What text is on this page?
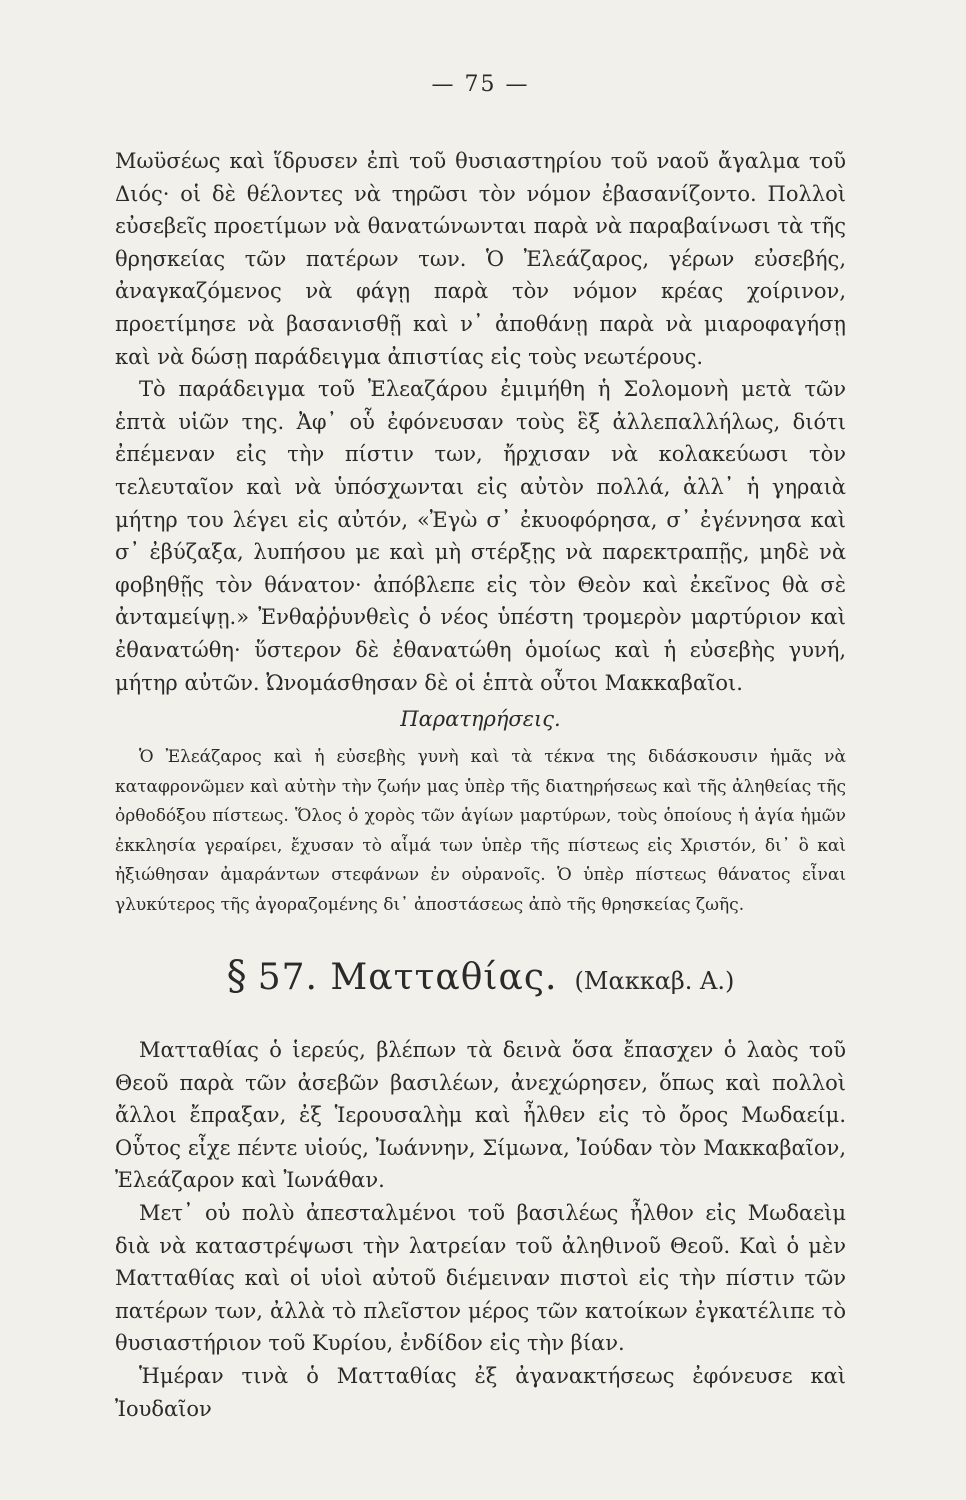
— 75 —

Μωϋσέως καὶ ἵδρυσεν ἐπὶ τοῦ θυσιαστηρίου τοῦ ναοῦ ἄγαλμα τοῦ Διός· οἱ δὲ θέλοντες νὰ τηρῶσι τὸν νόμον ἐβασανίζοντο. Πολλοὶ εὐσεβεῖς προετίμων νὰ θανατώνωνται παρὰ νὰ παραβαίνωσι τὰ τῆς θρησκείας τῶν πατέρων των. Ὁ Ἐλεάζαρος, γέρων εὐσεβής, ἀναγκαζόμενος νὰ φάγῃ παρὰ τὸν νόμον κρέας χοίρινον, προετίμησε νὰ βασανισθῇ καὶ ν᾽ ἀποθάνῃ παρὰ νὰ μιαροφαγήσῃ καὶ νὰ δώσῃ παράδειγμα ἀπιστίας εἰς τοὺς νεωτέρους.

Τὸ παράδειγμα τοῦ Ἐλεαζάρου ἐμιμήθη ἡ Σολομονὴ μετὰ τῶν ἑπτὰ υἱῶν της. Ἀφ᾽ οὗ ἐφόνευσαν τοὺς ἓξ ἀλλεπαλλήλως, διότι ἐπέμεναν εἰς τὴν πίστιν των, ἤρχισαν νὰ κολακεύωσι τὸν τελευταῖον καὶ νὰ ὑπόσχωνται εἰς αὐτὸν πολλά, ἀλλ᾽ ἡ γηραιὰ μήτηρ του λέγει εἰς αὐτόν, «Ἐγὼ σ᾽ ἐκυοφόρησα, σ᾽ ἐγέννησα καὶ σ᾽ ἐβύζαξα, λυπήσου με καὶ μὴ στέρξῃς νὰ παρεκτραπῇς, μηδὲ νὰ φοβηθῇς τὸν θάνατον· ἀπόβλεπε εἰς τὸν Θεὸν καὶ ἐκεῖνος θὰ σὲ ἀνταμείψῃ.» Ἐνθαῤῥυνθεὶς ὁ νέος ὑπέστη τρομερὸν μαρτύριον καὶ ἐθανατώθη· ὕστερον δὲ ἐθανατώθη ὁμοίως καὶ ἡ εὐσεβὴς γυνή, μήτηρ αὐτῶν. Ὠνομάσθησαν δὲ οἱ ἑπτὰ οὗτοι Μακκαβαῖοι.

Παρατηρήσεις.

Ὁ Ἐλεάζαρος καὶ ἡ εὐσεβὴς γυνὴ καὶ τὰ τέκνα της διδάσκουσιν ἡμᾶς νὰ καταφρονῶμεν καὶ αὐτὴν τὴν ζωήν μας ὑπὲρ τῆς διατηρήσεως καὶ τῆς ἀληθείας τῆς ὀρθοδόξου πίστεως. Ὅλος ὁ χορὸς τῶν ἁγίων μαρτύρων, τοὺς ὁποίους ἡ ἁγία ἡμῶν ἐκκλησία γεραίρει, ἔχυσαν τὸ αἷμά των ὑπὲρ τῆς πίστεως εἰς Χριστόν, δι᾽ ὃ καὶ ἠξιώθησαν ἀμαράντων στεφάνων ἐν οὐρανοῖς. Ὁ ὑπὲρ πίστεως θάνατος εἶναι γλυκύτερος τῆς ἀγοραζομένης δι᾽ ἀποστάσεως ἀπὸ τῆς θρησκείας ζωῆς.

§ 57. Ματταθίας. (Μακκαβ. Α.)

Ματταθίας ὁ ἱερεύς, βλέπων τὰ δεινὰ ὅσα ἔπασχεν ὁ λαὸς τοῦ Θεοῦ παρὰ τῶν ἀσεβῶν βασιλέων, ἀνεχώρησεν, ὅπως καὶ πολλοὶ ἄλλοι ἔπραξαν, ἐξ Ἱερουσαλὴμ καὶ ἦλθεν εἰς τὸ ὄρος Μωδαείμ. Οὗτος εἶχε πέντε υἱούς, Ἰωάννην, Σίμωνα, Ἰούδαν τὸν Μακκαβαῖον, Ἐλεάζαρον καὶ Ἰωνάθαν.

Μετ᾽ οὐ πολὺ ἀπεσταλμένοι τοῦ βασιλέως ἦλθον εἰς Μωδαεὶμ διὰ νὰ καταστρέψωσι τὴν λατρείαν τοῦ ἀληθινοῦ Θεοῦ. Καὶ ὁ μὲν Ματταθίας καὶ οἱ υἱοὶ αὐτοῦ διέμειναν πιστοὶ εἰς τὴν πίστιν τῶν πατέρων των, ἀλλὰ τὸ πλεῖστον μέρος τῶν κατοίκων ἐγκατέλιπε τὸ θυσιαστήριον τοῦ Κυρίου, ἐνδίδον εἰς τὴν βίαν.

Ἡμέραν τινὰ ὁ Ματταθίας ἐξ ἀγανακτήσεως ἐφόνευσε καὶ Ἰουδαῖον
